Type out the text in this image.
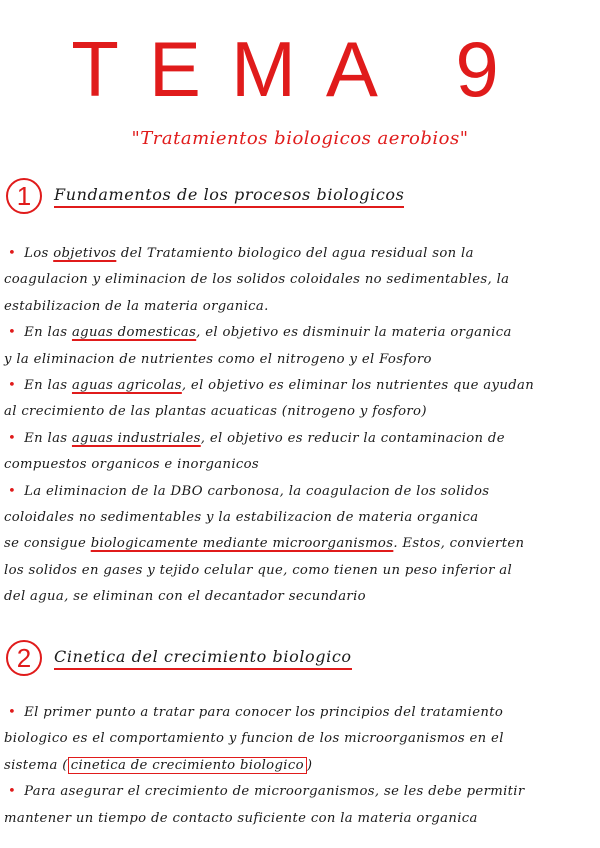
TEMA 9
"Tratamientos biologicos aerobios"
1	Fundamentos de los procesos biologicos
• Los objetivos del Tratamiento biologico del agua residual son la
coagulacion y eliminacion de los solidos coloidales no sedimentables, la
estabilizacion de la materia organica.
• En las aguas domesticas, el objetivo es disminuir la materia organica
y la eliminacion de nutrientes como el nitrogeno y el Fosforo
• En las aguas agricolas, el objetivo es eliminar los nutrientes que ayudan
al crecimiento de las plantas acuaticas (nitrogeno y fosforo)
• En las aguas industriales, el objetivo es reducir la contaminacion de
compuestos organicos e inorganicos
• La eliminacion de la DBO carbonosa, la coagulacion de los solidos
coloidales no sedimentables y la estabilizacion de materia organica
se consigue biologicamente mediante microorganismos. Estos, convierten
los solidos en gases y tejido celular que, como tienen un peso inferior al
del agua, se eliminan con el decantador secundario
2	Cinetica del crecimiento biologico
• El primer punto a tratar para conocer los principios del tratamiento
biologico es el comportamiento y funcion de los microorganismos en el
sistema ( cinetica de crecimiento biologico )
• Para asegurar el crecimiento de microorganismos, se les debe permitir
mantener un tiempo de contacto suficiente con la materia organica
